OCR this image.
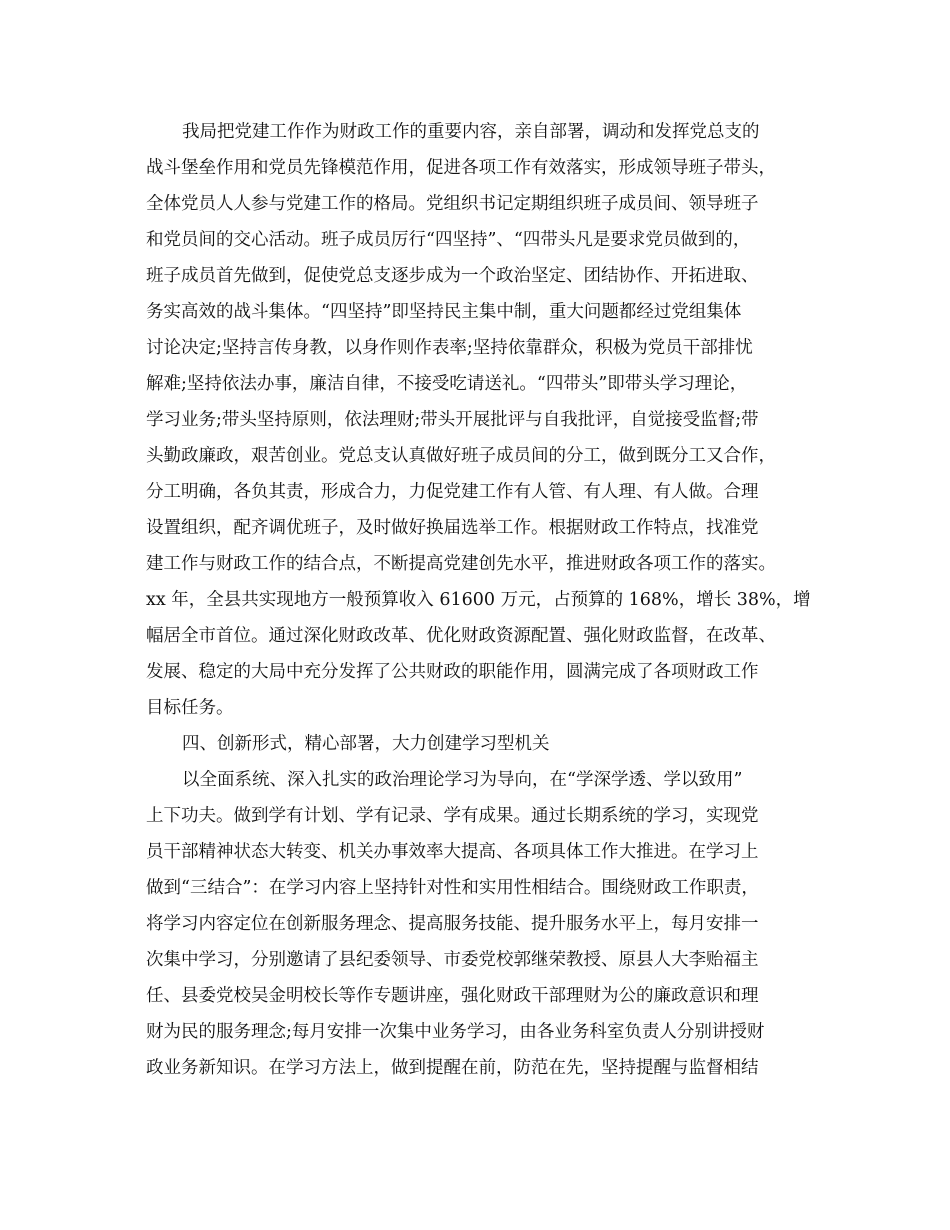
我局把党建工作作为财政工作的重要内容，亲自部署，调动和发挥党总支的
战斗堡垒作用和党员先锋模范作用，促进各项工作有效落实，形成领导班子带头，
全体党员人人参与党建工作的格局。党组织书记定期组织班子成员间、领导班子
和党员间的交心活动。班子成员厉行“四坚持”、“四带头凡是要求党员做到的，
班子成员首先做到，促使党总支逐步成为一个政治坚定、团结协作、开拓进取、
务实高效的战斗集体。“四坚持”即坚持民主集中制，重大问题都经过党组集体
讨论决定;坚持言传身教，以身作则作表率;坚持依靠群众，积极为党员干部排忧
解难;坚持依法办事，廉洁自律，不接受吃请送礼。“四带头”即带头学习理论，
学习业务;带头坚持原则，依法理财;带头开展批评与自我批评，自觉接受监督;带
头勤政廉政，艰苦创业。党总支认真做好班子成员间的分工，做到既分工又合作，
分工明确，各负其责，形成合力，力促党建工作有人管、有人理、有人做。合理
设置组织，配齐调优班子，及时做好换届选举工作。根据财政工作特点，找准党
建工作与财政工作的结合点，不断提高党建创先水平，推进财政各项工作的落实。
xx 年，全县共实现地方一般预算收入 61600 万元，占预算的 168%，增长 38%，增
幅居全市首位。通过深化财政改革、优化财政资源配置、强化财政监督，在改革、
发展、稳定的大局中充分发挥了公共财政的职能作用，圆满完成了各项财政工作
目标任务。
四、创新形式，精心部署，大力创建学习型机关
以全面系统、深入扎实的政治理论学习为导向，在“学深学透、学以致用”
上下功夫。做到学有计划、学有记录、学有成果。通过长期系统的学习，实现党
员干部精神状态大转变、机关办事效率大提高、各项具体工作大推进。在学习上
做到“三结合”：在学习内容上坚持针对性和实用性相结合。围绕财政工作职责，
将学习内容定位在创新服务理念、提高服务技能、提升服务水平上，每月安排一
次集中学习，分别邀请了县纪委领导、市委党校郭继荣教授、原县人大李贻福主
任、县委党校吴金明校长等作专题讲座，强化财政干部理财为公的廉政意识和理
财为民的服务理念;每月安排一次集中业务学习，由各业务科室负责人分别讲授财
政业务新知识。在学习方法上，做到提醒在前，防范在先，坚持提醒与监督相结
